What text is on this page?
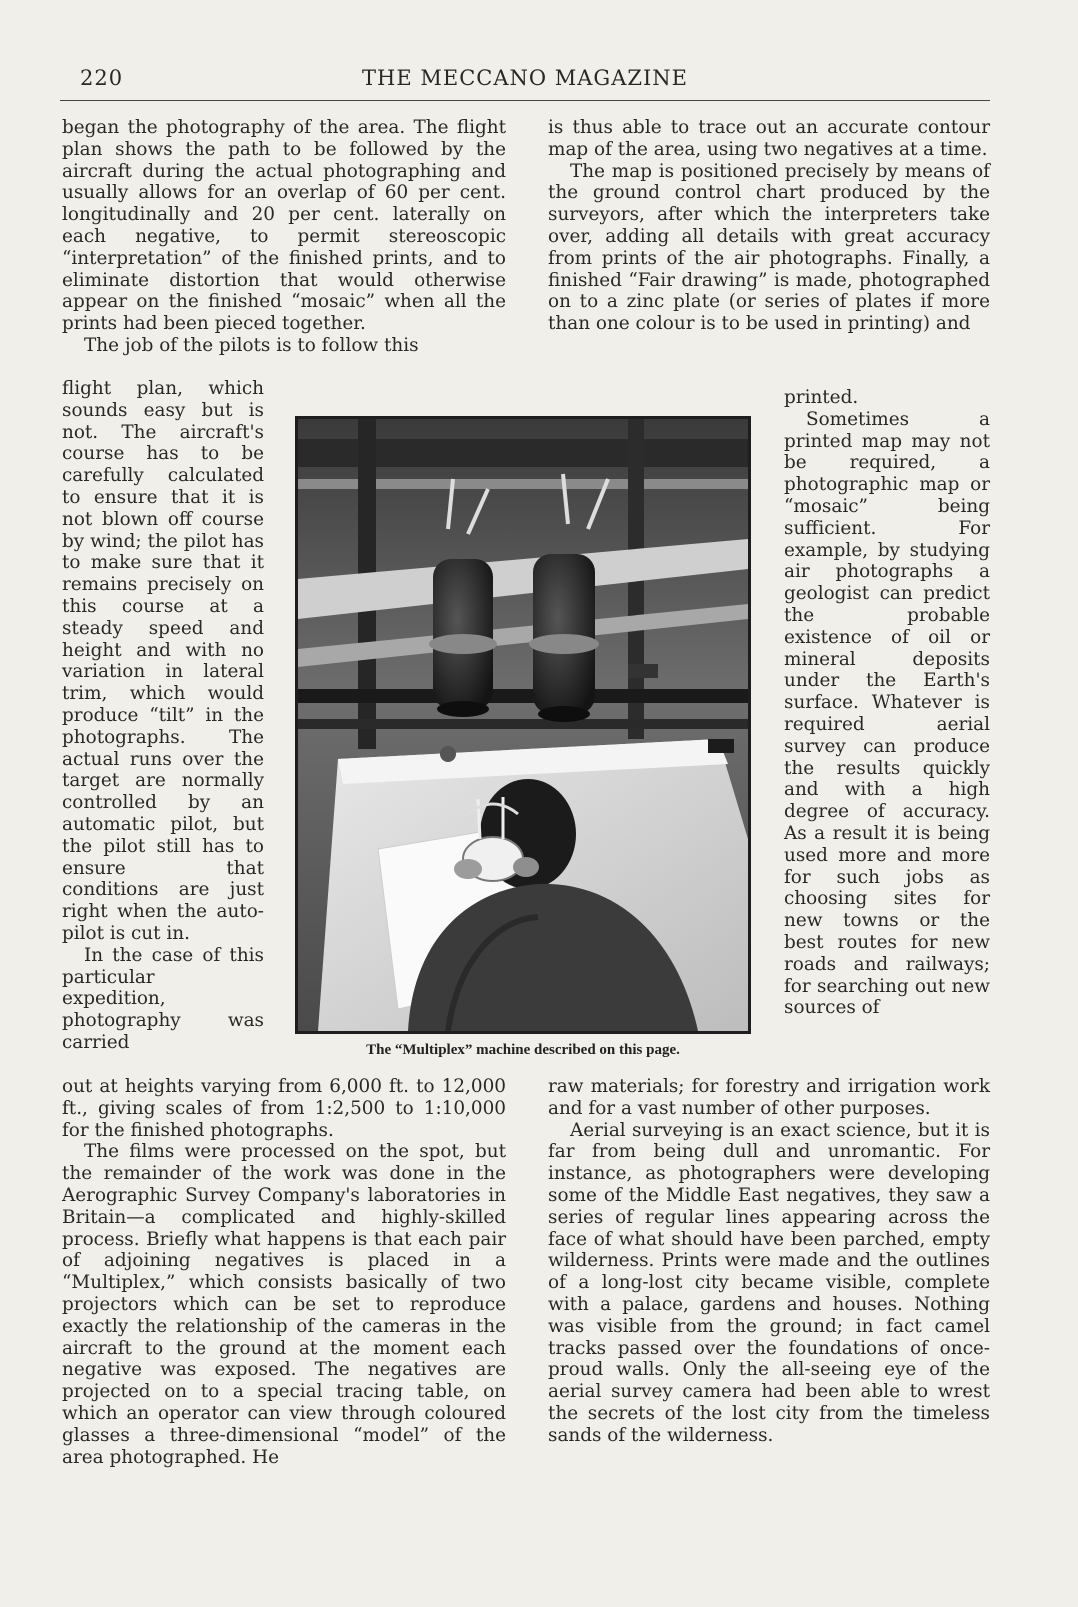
220	THE MECCANO MAGAZINE

began the photography of the area. The flight plan shows the path to be followed by the aircraft during the actual photographing and usually allows for an overlap of 60 per cent. longitudinally and 20 per cent. laterally on each negative, to permit stereoscopic “interpretation” of the finished prints, and to eliminate distortion that would otherwise appear on the finished “mosaic” when all the prints had been pieced together.

The job of the pilots is to follow this

flight plan, which sounds easy but is not. The aircraft's course has to be carefully calculated to ensure that it is not blown off course by wind; the pilot has to make sure that it remains precisely on this course at a steady speed and height and with no variation in lateral trim, which would produce “tilt” in the photographs. The actual runs over the target are normally controlled by an automatic pilot, but the pilot still has to ensure that conditions are just right when the auto-pilot is cut in.

In the case of this particular expedition, photography was carried

out at heights varying from 6,000 ft. to 12,000 ft., giving scales of from 1:2,500 to 1:10,000 for the finished photographs.

The films were processed on the spot, but the remainder of the work was done in the Aerographic Survey Company's laboratories in Britain—a complicated and highly-skilled process. Briefly what happens is that each pair of adjoining negatives is placed in a “Multiplex,” which consists basically of two projectors which can be set to reproduce exactly the relationship of the cameras in the aircraft to the ground at the moment each negative was exposed. The negatives are projected on to a special tracing table, on which an operator can view through coloured glasses a three-dimensional “model” of the area photographed. He

is thus able to trace out an accurate contour map of the area, using two negatives at a time.

The map is positioned precisely by means of the ground control chart produced by the surveyors, after which the interpreters take over, adding all details with great accuracy from prints of the air photographs. Finally, a finished “Fair drawing” is made, photographed on to a zinc plate (or series of plates if more than one colour is to be used in printing) and

printed.

Sometimes a printed map may not be required, a photographic map or “mosaic” being sufficient. For example, by studying air photographs a geologist can predict the probable existence of oil or mineral deposits under the Earth's surface. Whatever is required aerial survey can produce the results quickly and with a high degree of accuracy. As a result it is being used more and more for such jobs as choosing sites for new towns or the best routes for new roads and railways; for searching out new sources of

raw materials; for forestry and irrigation work and for a vast number of other purposes.

Aerial surveying is an exact science, but it is far from being dull and unromantic. For instance, as photographers were developing some of the Middle East negatives, they saw a series of regular lines appearing across the face of what should have been parched, empty wilderness. Prints were made and the outlines of a long-lost city became visible, complete with a palace, gardens and houses. Nothing was visible from the ground; in fact camel tracks passed over the foundations of once-proud walls. Only the all-seeing eye of the aerial survey camera had been able to wrest the secrets of the lost city from the timeless sands of the wilderness.

The “Multiplex” machine described on this page.
